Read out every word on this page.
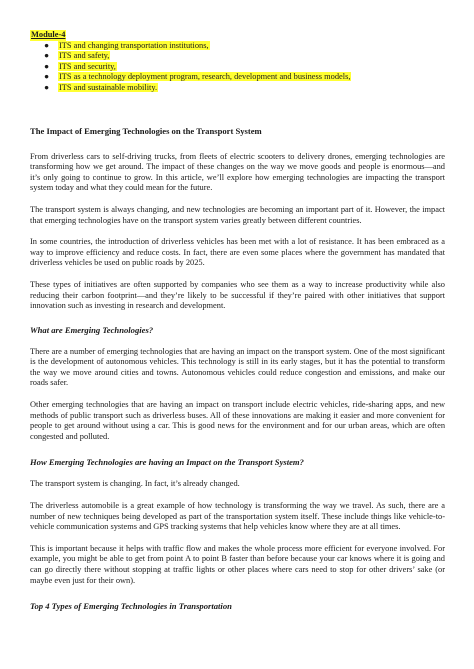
Module-4
● ITS and changing transportation institutions,
● ITS and safety,
● ITS and security,
● ITS as a technology deployment program, research, development and business models,
● ITS and sustainable mobility.
The Impact of Emerging Technologies on the Transport System

From driverless cars to self-driving trucks, from fleets of electric scooters to delivery drones, emerging technologies are transforming how we get around. The impact of these changes on the way we move goods and people is enormous—and it’s only going to continue to grow. In this article, we’ll explore how emerging technologies are impacting the transport system today and what they could mean for the future.

The transport system is always changing, and new technologies are becoming an important part of it. However, the impact that emerging technologies have on the transport system varies greatly between different countries.

In some countries, the introduction of driverless vehicles has been met with a lot of resistance. It has been embraced as a way to improve efficiency and reduce costs. In fact, there are even some places where the government has mandated that driverless vehicles be used on public roads by 2025.

These types of initiatives are often supported by companies who see them as a way to increase productivity while also reducing their carbon footprint—and they’re likely to be successful if they’re paired with other initiatives that support innovation such as investing in research and development.

What are Emerging Technologies?

There are a number of emerging technologies that are having an impact on the transport system. One of the most significant is the development of autonomous vehicles. This technology is still in its early stages, but it has the potential to transform the way we move around cities and towns. Autonomous vehicles could reduce congestion and emissions, and make our roads safer.

Other emerging technologies that are having an impact on transport include electric vehicles, ride-sharing apps, and new methods of public transport such as driverless buses. All of these innovations are making it easier and more convenient for people to get around without using a car. This is good news for the environment and for our urban areas, which are often congested and polluted.

How Emerging Technologies are having an Impact on the Transport System?

The transport system is changing. In fact, it’s already changed.

The driverless automobile is a great example of how technology is transforming the way we travel. As such, there are a number of new techniques being developed as part of the transportation system itself. These include things like vehicle-to-vehicle communication systems and GPS tracking systems that help vehicles know where they are at all times.

This is important because it helps with traffic flow and makes the whole process more efficient for everyone involved. For example, you might be able to get from point A to point B faster than before because your car knows where it is going and can go directly there without stopping at traffic lights or other places where cars need to stop for other drivers’ sake (or maybe even just for their own).

Top 4 Types of Emerging Technologies in Transportation
